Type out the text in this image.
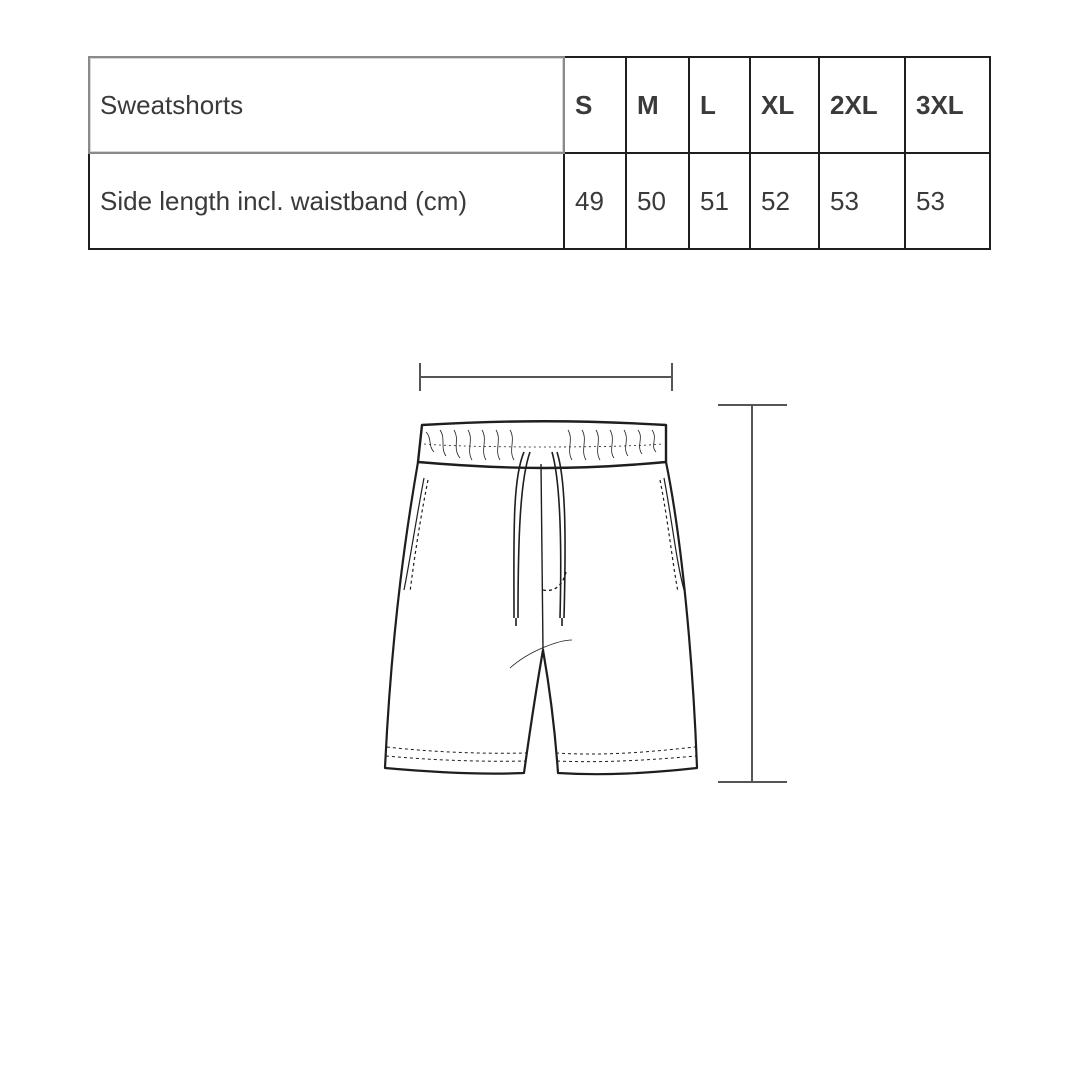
Sweatshorts	S	M	L	XL	2XL	3XL
Side length incl. waistband (cm)	49	50	51	52	53	53
